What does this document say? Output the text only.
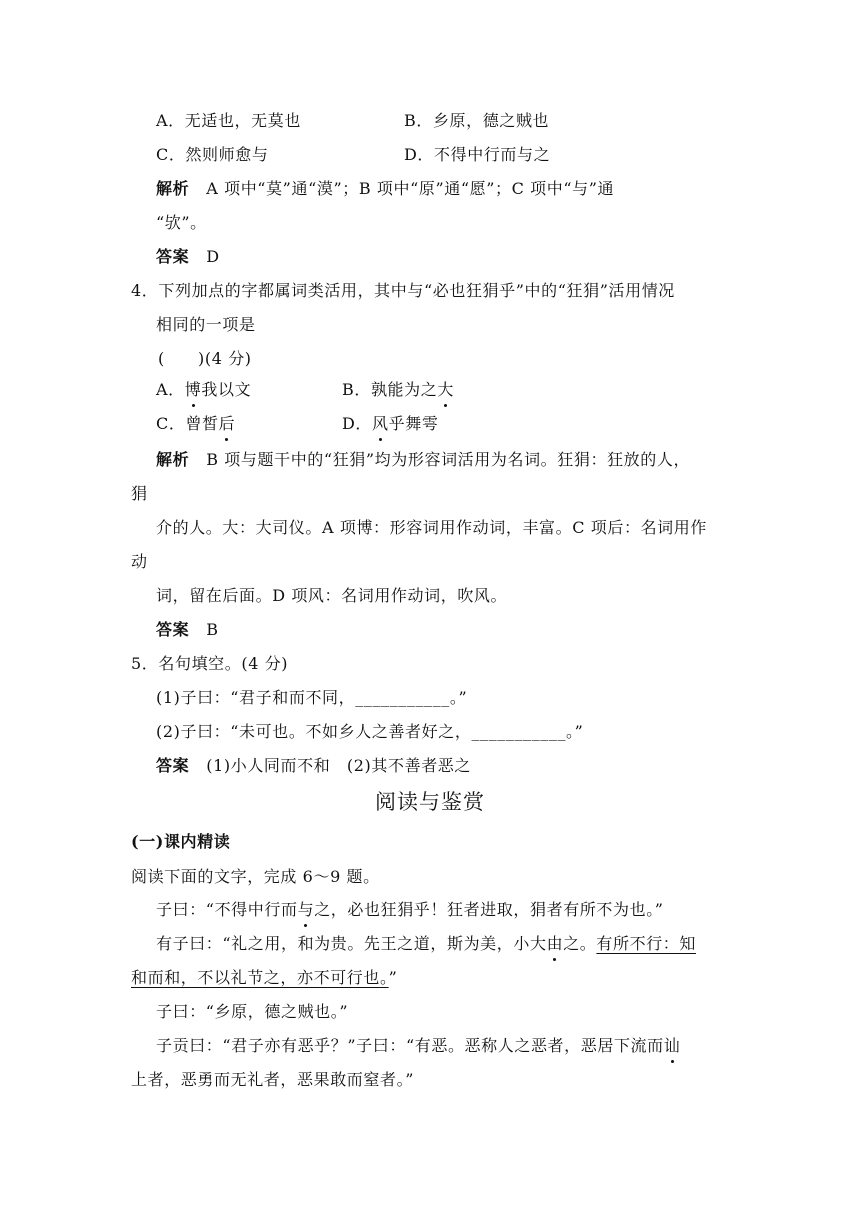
A．无适也，无莫也	B．乡原，德之贼也
C．然则师愈与	D．不得中行而与之
解析 A 项中“莫”通“漠”；B 项中“原”通“愿”；C 项中“与”通
“欤”。
答案 D
4．下列加点的字都属词类活用，其中与“必也狂狷乎”中的“狂狷”活用情况
相同的一项是
(　　)(4 分)
A．博我以文	B．孰能为之大
C．曾皙后	D．风乎舞雩
解析 B 项与题干中的“狂狷”均为形容词活用为名词。狂狷：狂放的人，
狷
介的人。大：大司仪。A 项博：形容词用作动词，丰富。C 项后：名词用作
动
词，留在后面。D 项风：名词用作动词，吹风。
答案 B
5．名句填空。(4 分)
(1)子曰：“君子和而不同，___________。”
(2)子曰：“未可也。不如乡人之善者好之，___________。”
答案 (1)小人同而不和　(2)其不善者恶之
阅读与鉴赏
(一)课内精读
阅读下面的文字，完成 6～9 题。
子曰：“不得中行而与之，必也狂狷乎！狂者进取，狷者有所不为也。”
有子曰：“礼之用，和为贵。先王之道，斯为美，小大由之。有所不行：知
和而和，不以礼节之，亦不可行也。”
子曰：“乡原，德之贼也。”
子贡曰：“君子亦有恶乎？”子曰：“有恶。恶称人之恶者，恶居下流而讪
上者，恶勇而无礼者，恶果敢而窒者。”
